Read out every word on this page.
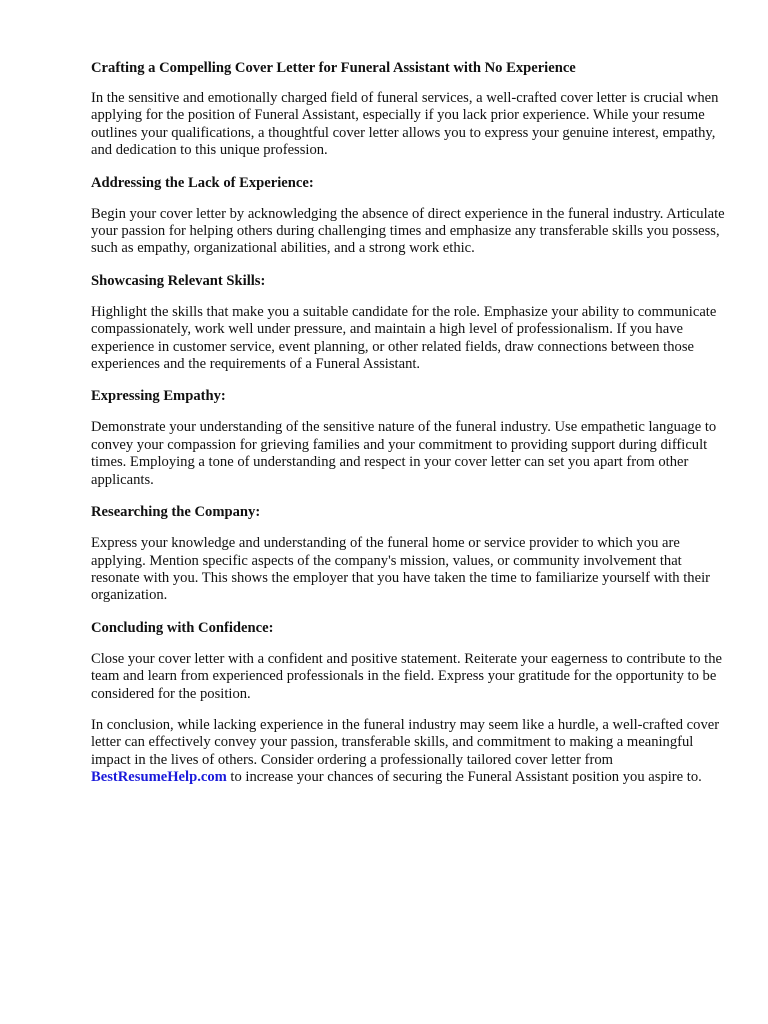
Crafting a Compelling Cover Letter for Funeral Assistant with No Experience

In the sensitive and emotionally charged field of funeral services, a well-crafted cover letter is crucial when applying for the position of Funeral Assistant, especially if you lack prior experience. While your resume outlines your qualifications, a thoughtful cover letter allows you to express your genuine interest, empathy, and dedication to this unique profession.

Addressing the Lack of Experience:

Begin your cover letter by acknowledging the absence of direct experience in the funeral industry. Articulate your passion for helping others during challenging times and emphasize any transferable skills you possess, such as empathy, organizational abilities, and a strong work ethic.

Showcasing Relevant Skills:

Highlight the skills that make you a suitable candidate for the role. Emphasize your ability to communicate compassionately, work well under pressure, and maintain a high level of professionalism. If you have experience in customer service, event planning, or other related fields, draw connections between those experiences and the requirements of a Funeral Assistant.

Expressing Empathy:

Demonstrate your understanding of the sensitive nature of the funeral industry. Use empathetic language to convey your compassion for grieving families and your commitment to providing support during difficult times. Employing a tone of understanding and respect in your cover letter can set you apart from other applicants.

Researching the Company:

Express your knowledge and understanding of the funeral home or service provider to which you are applying. Mention specific aspects of the company's mission, values, or community involvement that resonate with you. This shows the employer that you have taken the time to familiarize yourself with their organization.

Concluding with Confidence:

Close your cover letter with a confident and positive statement. Reiterate your eagerness to contribute to the team and learn from experienced professionals in the field. Express your gratitude for the opportunity to be considered for the position.

In conclusion, while lacking experience in the funeral industry may seem like a hurdle, a well-crafted cover letter can effectively convey your passion, transferable skills, and commitment to making a meaningful impact in the lives of others. Consider ordering a professionally tailored cover letter from BestResumeHelp.com to increase your chances of securing the Funeral Assistant position you aspire to.
